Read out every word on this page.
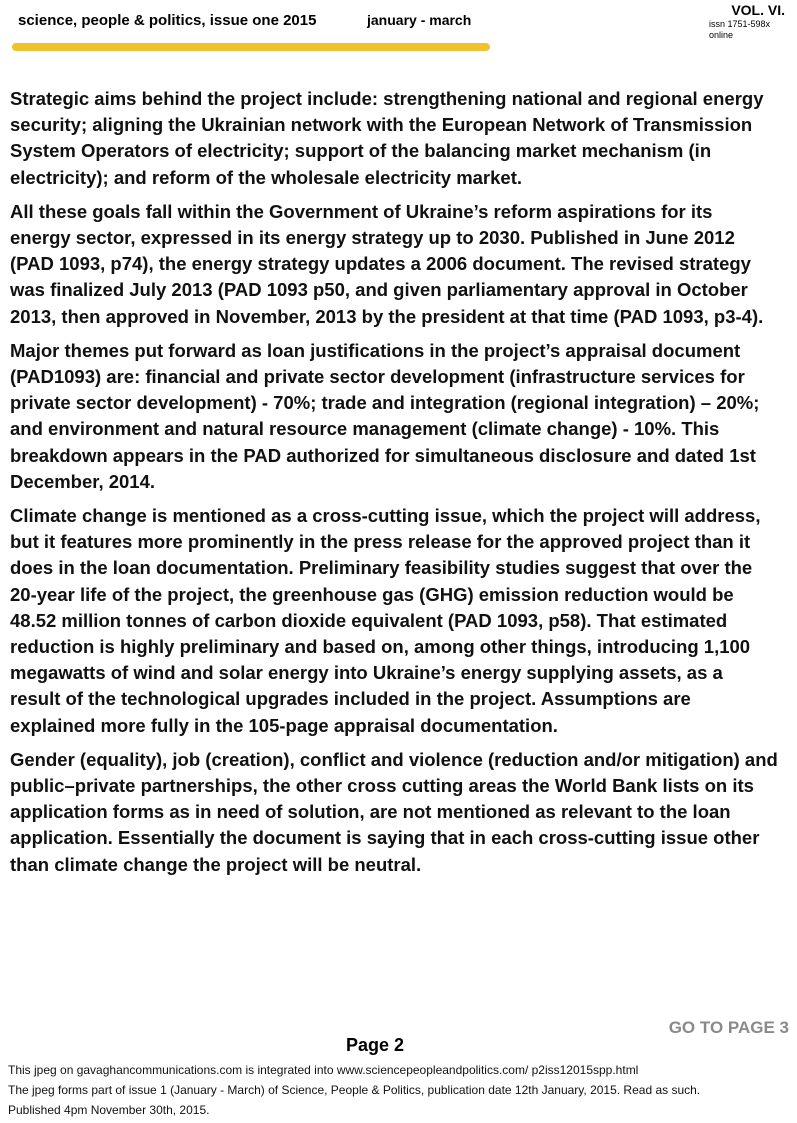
science, people & politics, issue one 2015	january - march
VOL. VI.
issn 1751-598x
online

Strategic aims behind the project include: strengthening national and regional energy security; aligning the Ukrainian network with the European Network of Transmission System Operators of electricity; support of the balancing market mechanism (in electricity); and reform of the wholesale electricity market.

All these goals fall within the Government of Ukraine’s reform aspirations for its energy sector, expressed in its energy strategy up to 2030. Published in June 2012 (PAD 1093, p74), the energy strategy updates a 2006 document. The revised strategy was finalized July 2013 (PAD 1093 p50, and given parliamentary approval in October 2013, then approved in November, 2013 by the president at that time (PAD 1093, p3-4).

Major themes put forward as loan justifications in the project’s appraisal document (PAD1093) are: financial and private sector development (infrastructure services for private sector development) - 70%; trade and integration (regional integration) – 20%; and environment and natural resource management (climate change) - 10%. This breakdown appears in the PAD authorized for simultaneous disclosure and dated 1st December, 2014.

Climate change is mentioned as a cross-cutting issue, which the project will address, but it features more prominently in the press release for the approved project than it does in the loan documentation. Preliminary feasibility studies suggest that over the 20-year life of the project, the greenhouse gas (GHG) emission reduction would be 48.52 million tonnes of carbon dioxide equivalent (PAD 1093, p58). That estimated reduction is highly preliminary and based on, among other things, introducing 1,100 megawatts of wind and solar energy into Ukraine’s energy supplying assets, as a result of the technological upgrades included in the project. Assumptions are explained more fully in the 105-page appraisal documentation.

Gender (equality), job (creation), conflict and violence (reduction and/or mitigation) and public–private partnerships, the other cross cutting areas the World Bank lists on its application forms as in need of solution, are not mentioned as relevant to the loan application. Essentially the document is saying that in each cross-cutting issue other than climate change the project will be neutral.

Page 2
GO TO PAGE 3
This jpeg on gavaghancommunications.com is integrated into www.sciencepeopleandpolitics.com/ p2iss12015spp.html
The jpeg forms part of issue 1 (January - March) of Science, People & Politics, publication date 12th January, 2015. Read as such.
Published 4pm November 30th, 2015.
